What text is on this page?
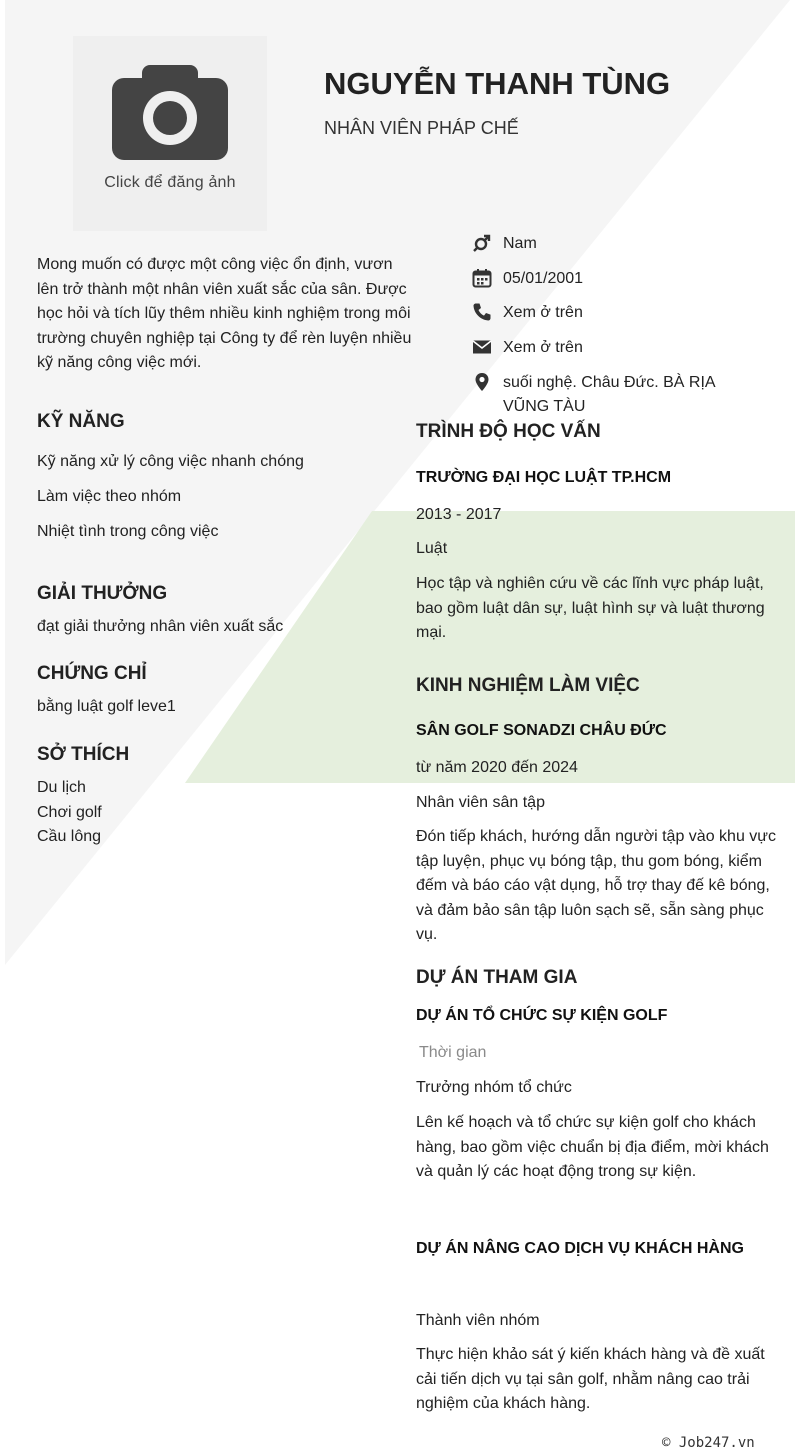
Click để đăng ảnh
NGUYỄN THANH TÙNG
NHÂN VIÊN PHÁP CHẾ
Mong muốn có được một công việc ổn định, vươn lên trở thành một nhân viên xuất sắc của sân. Được học hỏi và tích lũy thêm nhiều kinh nghiệm trong môi trường chuyên nghiệp tại Công ty để rèn luyện nhiều kỹ năng công việc mới.
Nam
05/01/2001
Xem ở trên
Xem ở trên
suối nghệ. Châu Đức. BÀ RỊA VŨNG TÀU
KỸ NĂNG
Kỹ năng xử lý công việc nhanh chóng
Làm việc theo nhóm
Nhiệt tình trong công việc
GIẢI THƯỞNG
đạt giải thưởng nhân viên xuất sắc
CHỨNG CHỈ
bằng luật golf leve1
SỞ THÍCH
Du lịch
Chơi golf
Cầu lông
TRÌNH ĐỘ HỌC VẤN
TRƯỜNG ĐẠI HỌC LUẬT TP.HCM
2013 - 2017
Luật
Học tập và nghiên cứu về các lĩnh vực pháp luật, bao gồm luật dân sự, luật hình sự và luật thương mại.
KINH NGHIỆM LÀM VIỆC
SÂN GOLF SONADZI CHÂU ĐỨC
từ năm 2020 đến 2024
Nhân viên sân tập
Đón tiếp khách, hướng dẫn người tập vào khu vực tập luyện, phục vụ bóng tập, thu gom bóng, kiểm đếm và báo cáo vật dụng, hỗ trợ thay đế kê bóng, và đảm bảo sân tập luôn sạch sẽ, sẵn sàng phục vụ.
DỰ ÁN THAM GIA
DỰ ÁN TỔ CHỨC SỰ KIỆN GOLF
Thời gian
Trưởng nhóm tổ chức
Lên kế hoạch và tổ chức sự kiện golf cho khách hàng, bao gồm việc chuẩn bị địa điểm, mời khách và quản lý các hoạt động trong sự kiện.
DỰ ÁN NÂNG CAO DỊCH VỤ KHÁCH HÀNG
Thành viên nhóm
Thực hiện khảo sát ý kiến khách hàng và đề xuất cải tiến dịch vụ tại sân golf, nhằm nâng cao trải nghiệm của khách hàng.
© Job247.vn
